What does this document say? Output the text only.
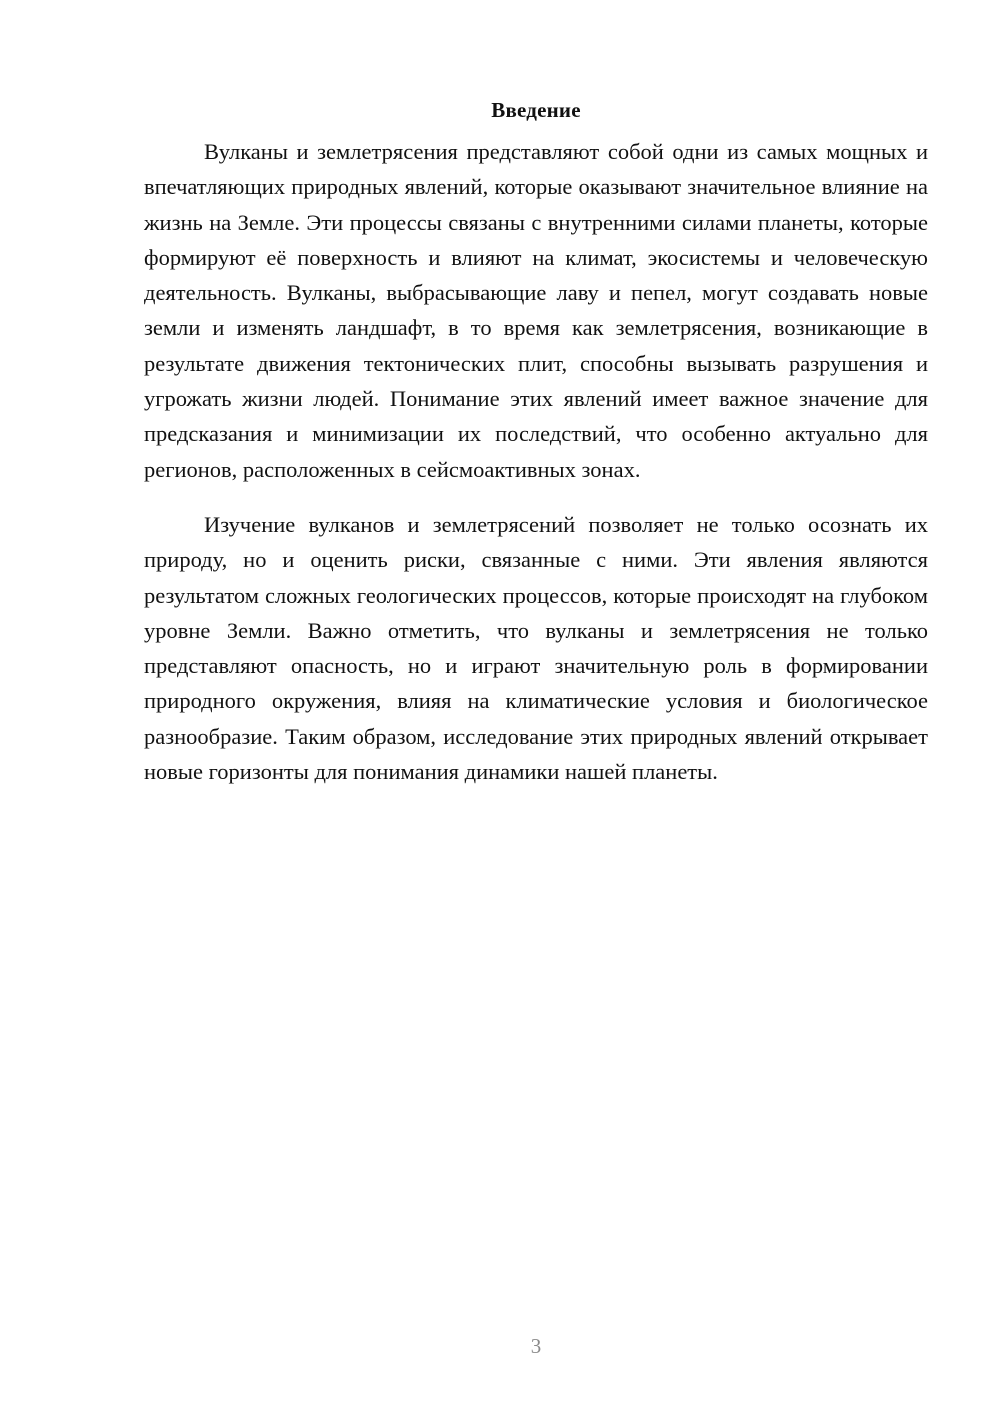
Введение

Вулканы и землетрясения представляют собой одни из самых мощных и впечатляющих природных явлений, которые оказывают значительное влияние на жизнь на Земле. Эти процессы связаны с внутренними силами планеты, которые формируют её поверхность и влияют на климат, экосистемы и человеческую деятельность. Вулканы, выбрасывающие лаву и пепел, могут создавать новые земли и изменять ландшафт, в то время как землетрясения, возникающие в результате движения тектонических плит, способны вызывать разрушения и угрожать жизни людей. Понимание этих явлений имеет важное значение для предсказания и минимизации их последствий, что особенно актуально для регионов, расположенных в сейсмоактивных зонах.

Изучение вулканов и землетрясений позволяет не только осознать их природу, но и оценить риски, связанные с ними. Эти явления являются результатом сложных геологических процессов, которые происходят на глубоком уровне Земли. Важно отметить, что вулканы и землетрясения не только представляют опасность, но и играют значительную роль в формировании природного окружения, влияя на климатические условия и биологическое разнообразие. Таким образом, исследование этих природных явлений открывает новые горизонты для понимания динамики нашей планеты.

3
